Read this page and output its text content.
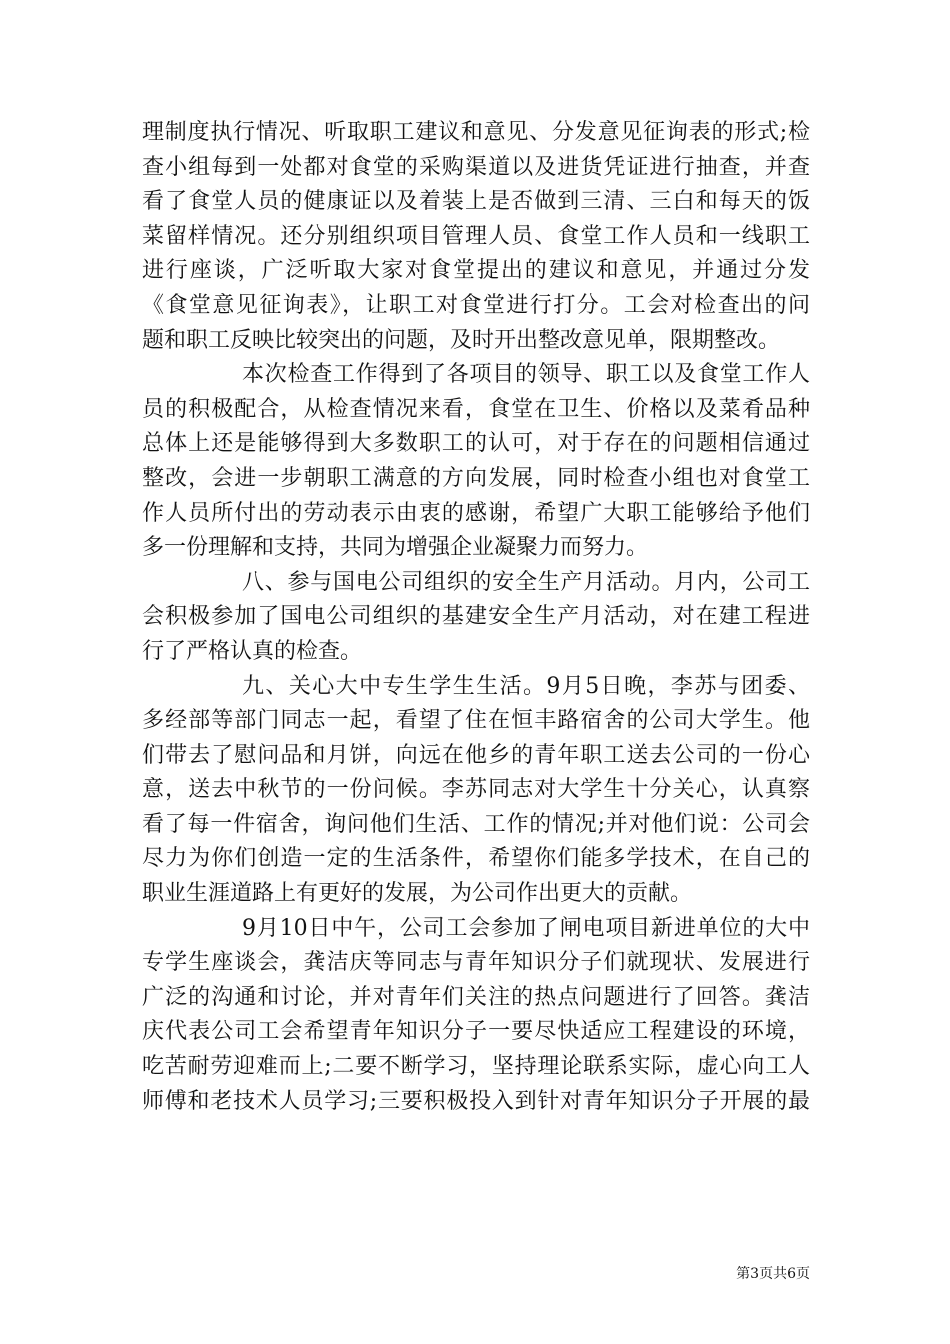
理制度执行情况、听取职工建议和意见、分发意见征询表的形式;检
查小组每到一处都对食堂的采购渠道以及进货凭证进行抽查，并查
看了食堂人员的健康证以及着装上是否做到三清、三白和每天的饭
菜留样情况。还分别组织项目管理人员、食堂工作人员和一线职工
进行座谈，广泛听取大家对食堂提出的建议和意见，并通过分发
《食堂意见征询表》，让职工对食堂进行打分。工会对检查出的问
题和职工反映比较突出的问题，及时开出整改意见单，限期整改。
本次检查工作得到了各项目的领导、职工以及食堂工作人
员的积极配合，从检查情况来看，食堂在卫生、价格以及菜肴品种
总体上还是能够得到大多数职工的认可，对于存在的问题相信通过
整改，会进一步朝职工满意的方向发展，同时检查小组也对食堂工
作人员所付出的劳动表示由衷的感谢，希望广大职工能够给予他们
多一份理解和支持，共同为增强企业凝聚力而努力。
八、参与国电公司组织的安全生产月活动。月内，公司工
会积极参加了国电公司组织的基建安全生产月活动，对在建工程进
行了严格认真的检查。
九、关心大中专生学生生活。9月5日晚，李苏与团委、
多经部等部门同志一起，看望了住在恒丰路宿舍的公司大学生。他
们带去了慰问品和月饼，向远在他乡的青年职工送去公司的一份心
意，送去中秋节的一份问候。李苏同志对大学生十分关心，认真察
看了每一件宿舍，询问他们生活、工作的情况;并对他们说：公司会
尽力为你们创造一定的生活条件，希望你们能多学技术，在自己的
职业生涯道路上有更好的发展，为公司作出更大的贡献。
9月10日中午，公司工会参加了闸电项目新进单位的大中
专学生座谈会，龚洁庆等同志与青年知识分子们就现状、发展进行
广泛的沟通和讨论，并对青年们关注的热点问题进行了回答。龚洁
庆代表公司工会希望青年知识分子一要尽快适应工程建设的环境，
吃苦耐劳迎难而上;二要不断学习，坚持理论联系实际，虚心向工人
师傅和老技术人员学习;三要积极投入到针对青年知识分子开展的最
第3页共6页
